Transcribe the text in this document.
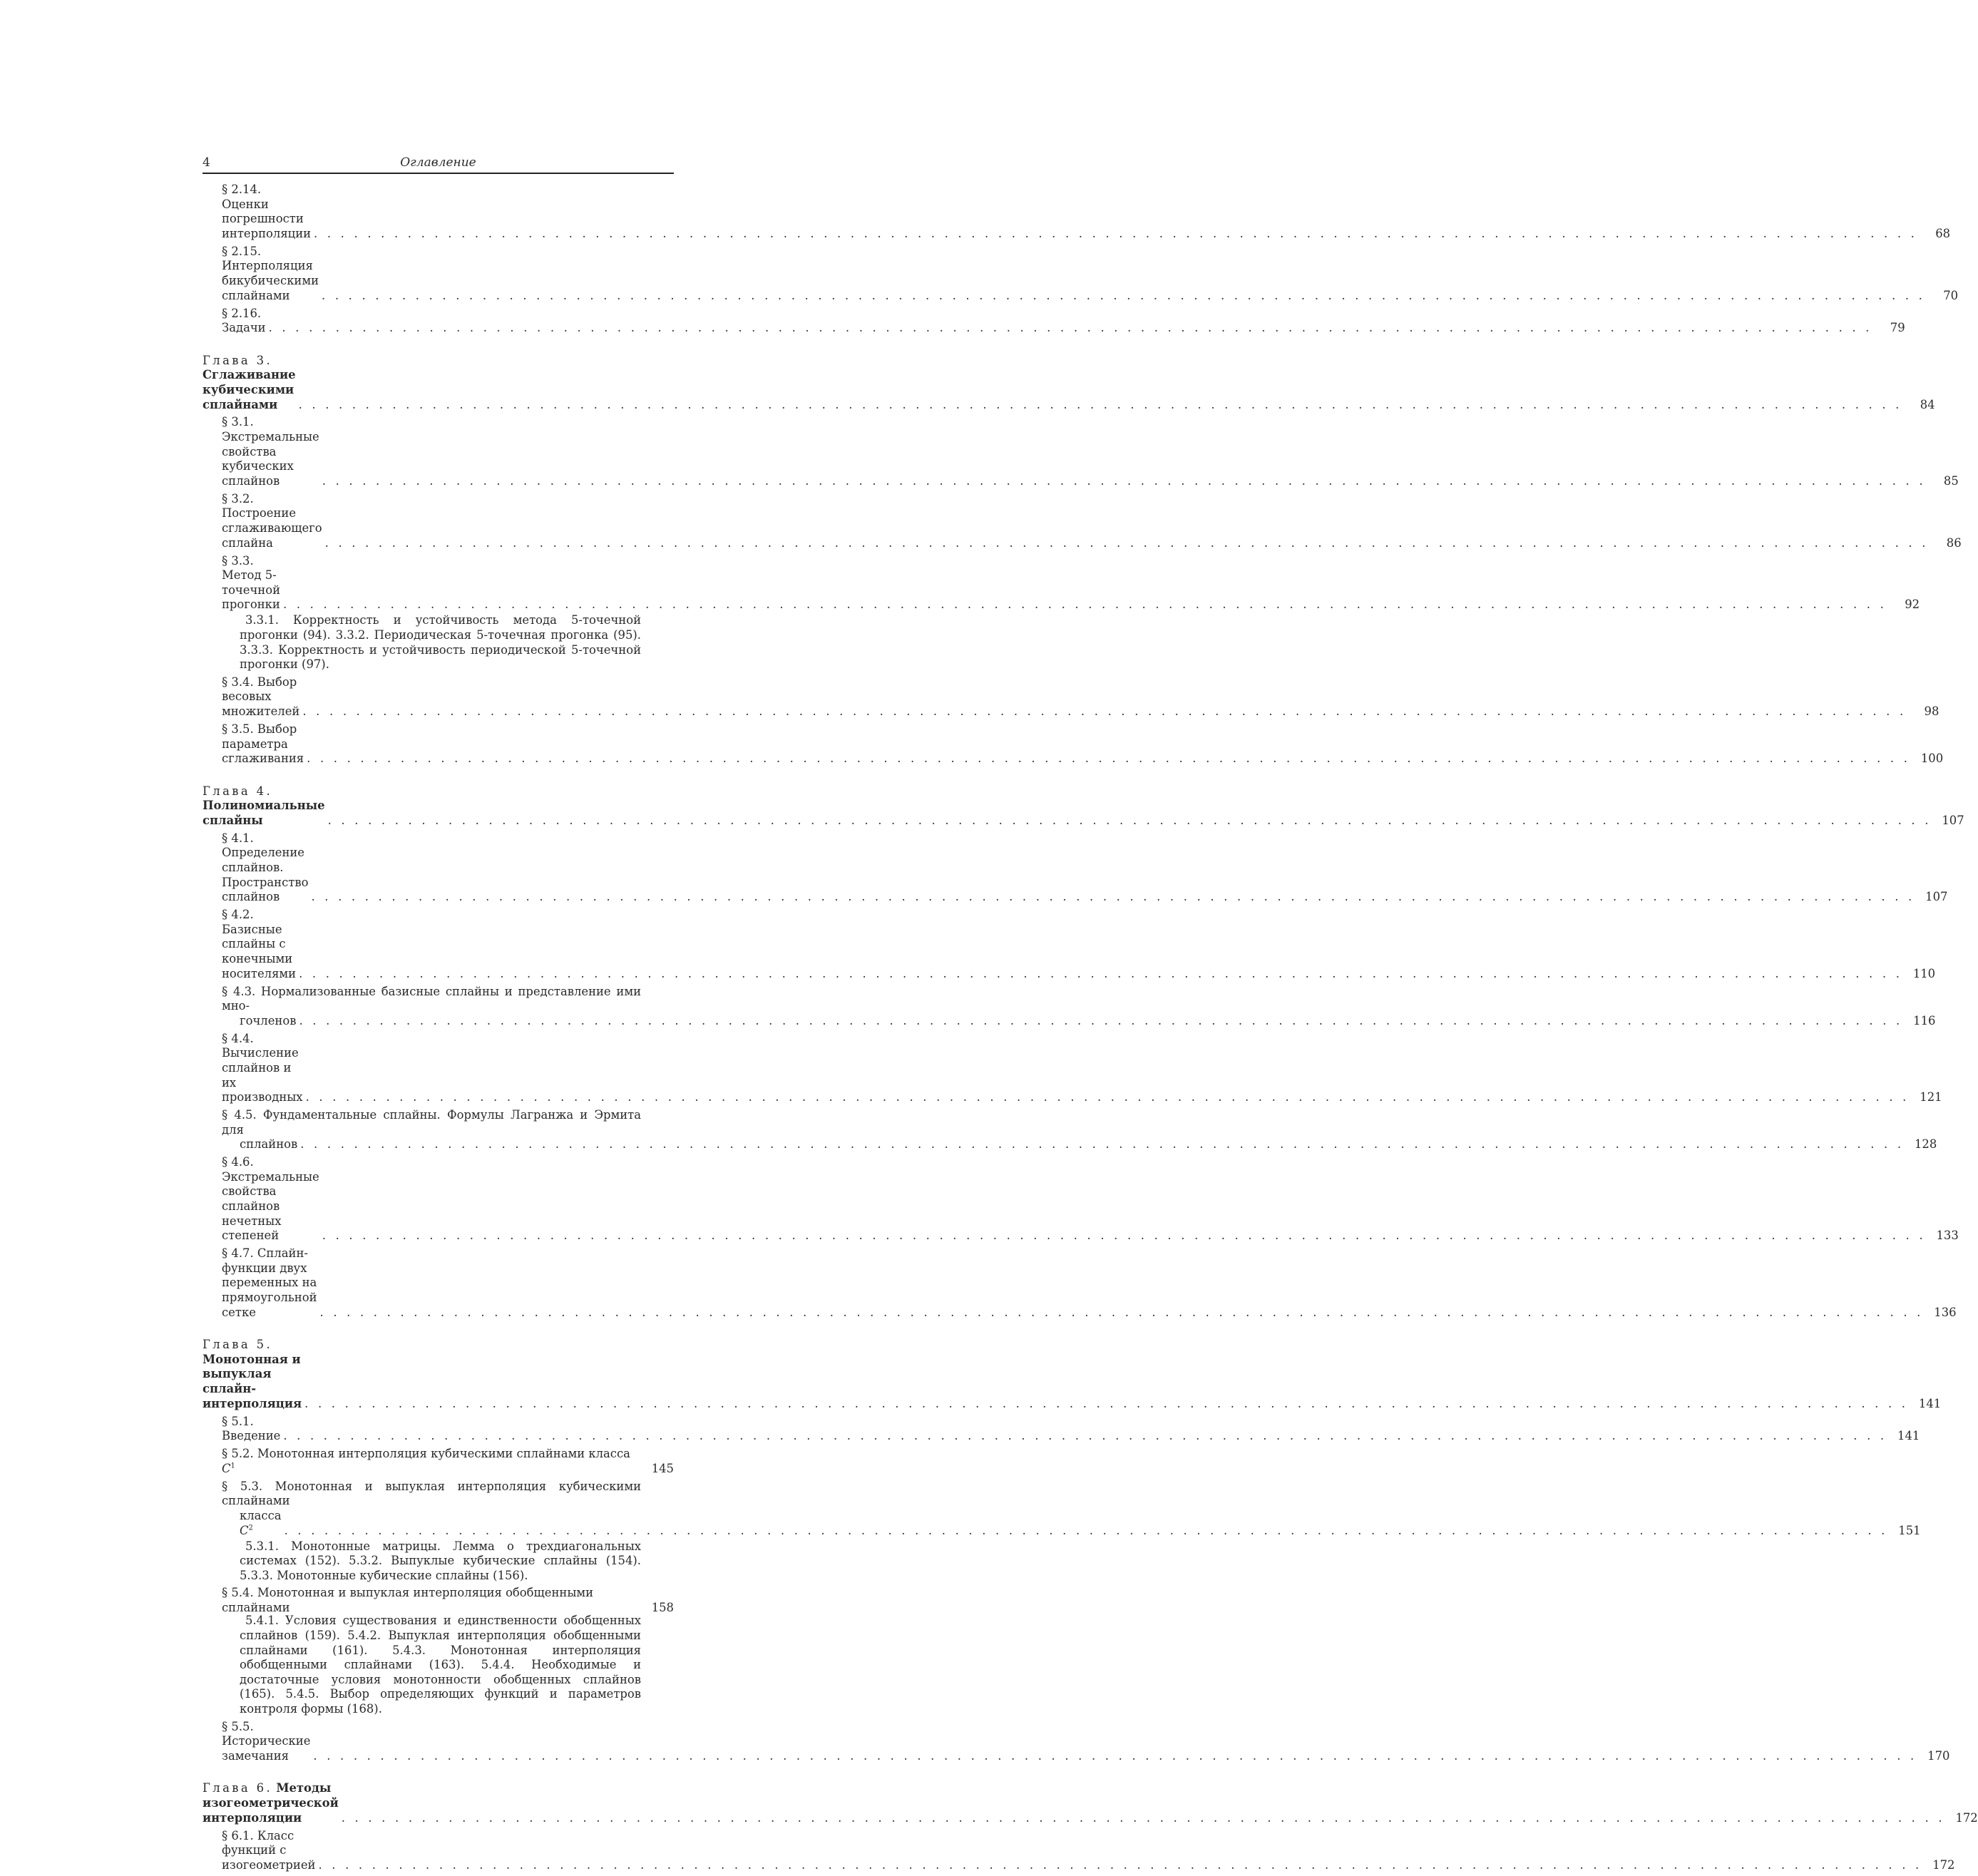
4	Оглавление
§ 2.14. Оценки погрешности интерполяции . . . . . . . . . . . . . . . . . . . . . . . . . . . . . . . . . . . . . . . . . . . . . . . . . . . . . . . . . . . . . . . . . . . . . . . . . . . . . . . . . . . . . . . . . . . . . . . . . . . . . . . . . . . . . . . . . . . . . . . .	68
§ 2.15. Интерполяция бикубическими сплайнами	. . . . . . . . . . . . . . . . . . . . . . . . . . . . . . . . . . . . . . . . . . . . . . . . . . . . . . . . . . . . . . . . . . . . . . . . . . . . . . . . . . . . . . . . . . . . . . . . . . . . . . . . . . . . . . . . . . . . . . . .	70
§ 2.16. Задачи . . . . . . . . . . . . . . . . . . . . . . . . . . . . . . . . . . . . . . . . . . . . . . . . . . . . . . . . . . . . . . . . . . . . . . . . . . . . . . . . . . . . . . . . . . . . . . . . . . . . . . . . . . . . . . . . . . . . . . . .	79
Глава 3. Сглаживание кубическими сплайнами	. . . . . . . . . . . . . . . . . . . . . . . . . . . . . . . . . . . . . . . . . . . . . . . . . . . . . . . . . . . . . . . . . . . . . . . . . . . . . . . . . . . . . . . . . . . . . . . . . . . . . . . . . . . . . . . . . . . . . . . .	84
§ 3.1. Экстремальные свойства кубических сплайнов	. . . . . . . . . . . . . . . . . . . . . . . . . . . . . . . . . . . . . . . . . . . . . . . . . . . . . . . . . . . . . . . . . . . . . . . . . . . . . . . . . . . . . . . . . . . . . . . . . . . . . . . . . . . . . . . . . . . . . . . .	85
§ 3.2. Построение сглаживающего сплайна	. . . . . . . . . . . . . . . . . . . . . . . . . . . . . . . . . . . . . . . . . . . . . . . . . . . . . . . . . . . . . . . . . . . . . . . . . . . . . . . . . . . . . . . . . . . . . . . . . . . . . . . . . . . . . . . . . . . . . . . .	86
§ 3.3. Метод 5-точечной прогонки . . . . . . . . . . . . . . . . . . . . . . . . . . . . . . . . . . . . . . . . . . . . . . . . . . . . . . . . . . . . . . . . . . . . . . . . . . . . . . . . . . . . . . . . . . . . . . . . . . . . . . . . . . . . . . . . . . . . . . . .	92
3.3.1. Корректность и устойчивость метода 5-точечной прогонки (94). 3.3.2. Периодическая 5-точечная прогонка (95). 3.3.3. Корректность и устойчивость периодической 5-точечной прогонки (97).
§ 3.4. Выбор весовых множителей . . . . . . . . . . . . . . . . . . . . . . . . . . . . . . . . . . . . . . . . . . . . . . . . . . . . . . . . . . . . . . . . . . . . . . . . . . . . . . . . . . . . . . . . . . . . . . . . . . . . . . . . . . . . . . . . . . . . . . . .	98
§ 3.5. Выбор параметра сглаживания . . . . . . . . . . . . . . . . . . . . . . . . . . . . . . . . . . . . . . . . . . . . . . . . . . . . . . . . . . . . . . . . . . . . . . . . . . . . . . . . . . . . . . . . . . . . . . . . . . . . . . . . . . . . . . . . . . . . . . . . 100
Глава 4. Полиномиальные сплайны	. . . . . . . . . . . . . . . . . . . . . . . . . . . . . . . . . . . . . . . . . . . . . . . . . . . . . . . . . . . . . . . . . . . . . . . . . . . . . . . . . . . . . . . . . . . . . . . . . . . . . . . . . . . . . . . . . . . . . . . . 107
§ 4.1. Определение сплайнов. Пространство сплайнов	. . . . . . . . . . . . . . . . . . . . . . . . . . . . . . . . . . . . . . . . . . . . . . . . . . . . . . . . . . . . . . . . . . . . . . . . . . . . . . . . . . . . . . . . . . . . . . . . . . . . . . . . . . . . . . . . . . . . . . . . 107
§ 4.2. Базисные сплайны с конечными носителями . . . . . . . . . . . . . . . . . . . . . . . . . . . . . . . . . . . . . . . . . . . . . . . . . . . . . . . . . . . . . . . . . . . . . . . . . . . . . . . . . . . . . . . . . . . . . . . . . . . . . . . . . . . . . . . . . . . . . . . . 110
§ 4.3. Нормализованные базисные сплайны и представление ими мно-
гочленов . . . . . . . . . . . . . . . . . . . . . . . . . . . . . . . . . . . . . . . . . . . . . . . . . . . . . . . . . . . . . . . . . . . . . . . . . . . . . . . . . . . . . . . . . . . . . . . . . . . . . . . . . . . . . . . . . . . . . . . . 116
§ 4.4. Вычисление сплайнов и их производных . . . . . . . . . . . . . . . . . . . . . . . . . . . . . . . . . . . . . . . . . . . . . . . . . . . . . . . . . . . . . . . . . . . . . . . . . . . . . . . . . . . . . . . . . . . . . . . . . . . . . . . . . . . . . . . . . . . . . . . . 121
§ 4.5. Фундаментальные сплайны. Формулы Лагранжа и Эрмита для
сплайнов . . . . . . . . . . . . . . . . . . . . . . . . . . . . . . . . . . . . . . . . . . . . . . . . . . . . . . . . . . . . . . . . . . . . . . . . . . . . . . . . . . . . . . . . . . . . . . . . . . . . . . . . . . . . . . . . . . . . . . . . 128
§ 4.6. Экстремальные свойства сплайнов нечетных степеней	. . . . . . . . . . . . . . . . . . . . . . . . . . . . . . . . . . . . . . . . . . . . . . . . . . . . . . . . . . . . . . . . . . . . . . . . . . . . . . . . . . . . . . . . . . . . . . . . . . . . . . . . . . . . . . . . . . . . . . . . 133
§ 4.7. Сплайн-функции двух переменных на прямоугольной сетке	. . . . . . . . . . . . . . . . . . . . . . . . . . . . . . . . . . . . . . . . . . . . . . . . . . . . . . . . . . . . . . . . . . . . . . . . . . . . . . . . . . . . . . . . . . . . . . . . . . . . . . . . . . . . . . . . . . . . . . . . 136
Глава 5. Монотонная и выпуклая сплайн-интерполяция . . . . . . . . . . . . . . . . . . . . . . . . . . . . . . . . . . . . . . . . . . . . . . . . . . . . . . . . . . . . . . . . . . . . . . . . . . . . . . . . . . . . . . . . . . . . . . . . . . . . . . . . . . . . . . . . . . . . . . . . 141
§ 5.1. Введение . . . . . . . . . . . . . . . . . . . . . . . . . . . . . . . . . . . . . . . . . . . . . . . . . . . . . . . . . . . . . . . . . . . . . . . . . . . . . . . . . . . . . . . . . . . . . . . . . . . . . . . . . . . . . . . . . . . . . . . . 141
§ 5.2. Монотонная интерполяция кубическими сплайнами класса $C^1$	145
§ 5.3. Монотонная и выпуклая интерполяция кубическими сплайнами
класса $C^2$	. . . . . . . . . . . . . . . . . . . . . . . . . . . . . . . . . . . . . . . . . . . . . . . . . . . . . . . . . . . . . . . . . . . . . . . . . . . . . . . . . . . . . . . . . . . . . . . . . . . . . . . . . . . . . . . . . . . . . . . . 151
5.3.1. Монотонные матрицы. Лемма о трехдиагональных системах (152). 5.3.2. Выпуклые кубические сплайны (154). 5.3.3. Монотонные кубические сплайны (156).
§ 5.4. Монотонная и выпуклая интерполяция обобщенными сплайнами	158
5.4.1. Условия существования и единственности обобщенных сплайнов (159). 5.4.2. Выпуклая интерполяция обобщенными сплайнами (161). 5.4.3. Монотонная интерполяция обобщенными сплайнами (163). 5.4.4. Необходимые и достаточные условия монотонности обобщенных сплайнов (165). 5.4.5. Выбор определяющих функций и параметров контроля формы (168).
§ 5.5. Исторические замечания	. . . . . . . . . . . . . . . . . . . . . . . . . . . . . . . . . . . . . . . . . . . . . . . . . . . . . . . . . . . . . . . . . . . . . . . . . . . . . . . . . . . . . . . . . . . . . . . . . . . . . . . . . . . . . . . . . . . . . . . . 170
Глава 6. Методы изогеометрической интерполяции	. . . . . . . . . . . . . . . . . . . . . . . . . . . . . . . . . . . . . . . . . . . . . . . . . . . . . . . . . . . . . . . . . . . . . . . . . . . . . . . . . . . . . . . . . . . . . . . . . . . . . . . . . . . . . . . . . . . . . . . . 172
§ 6.1. Класс функций с изогеометрией . . . . . . . . . . . . . . . . . . . . . . . . . . . . . . . . . . . . . . . . . . . . . . . . . . . . . . . . . . . . . . . . . . . . . . . . . . . . . . . . . . . . . . . . . . . . . . . . . . . . . . . . . . . . . . . . . . . . . . . . 172
